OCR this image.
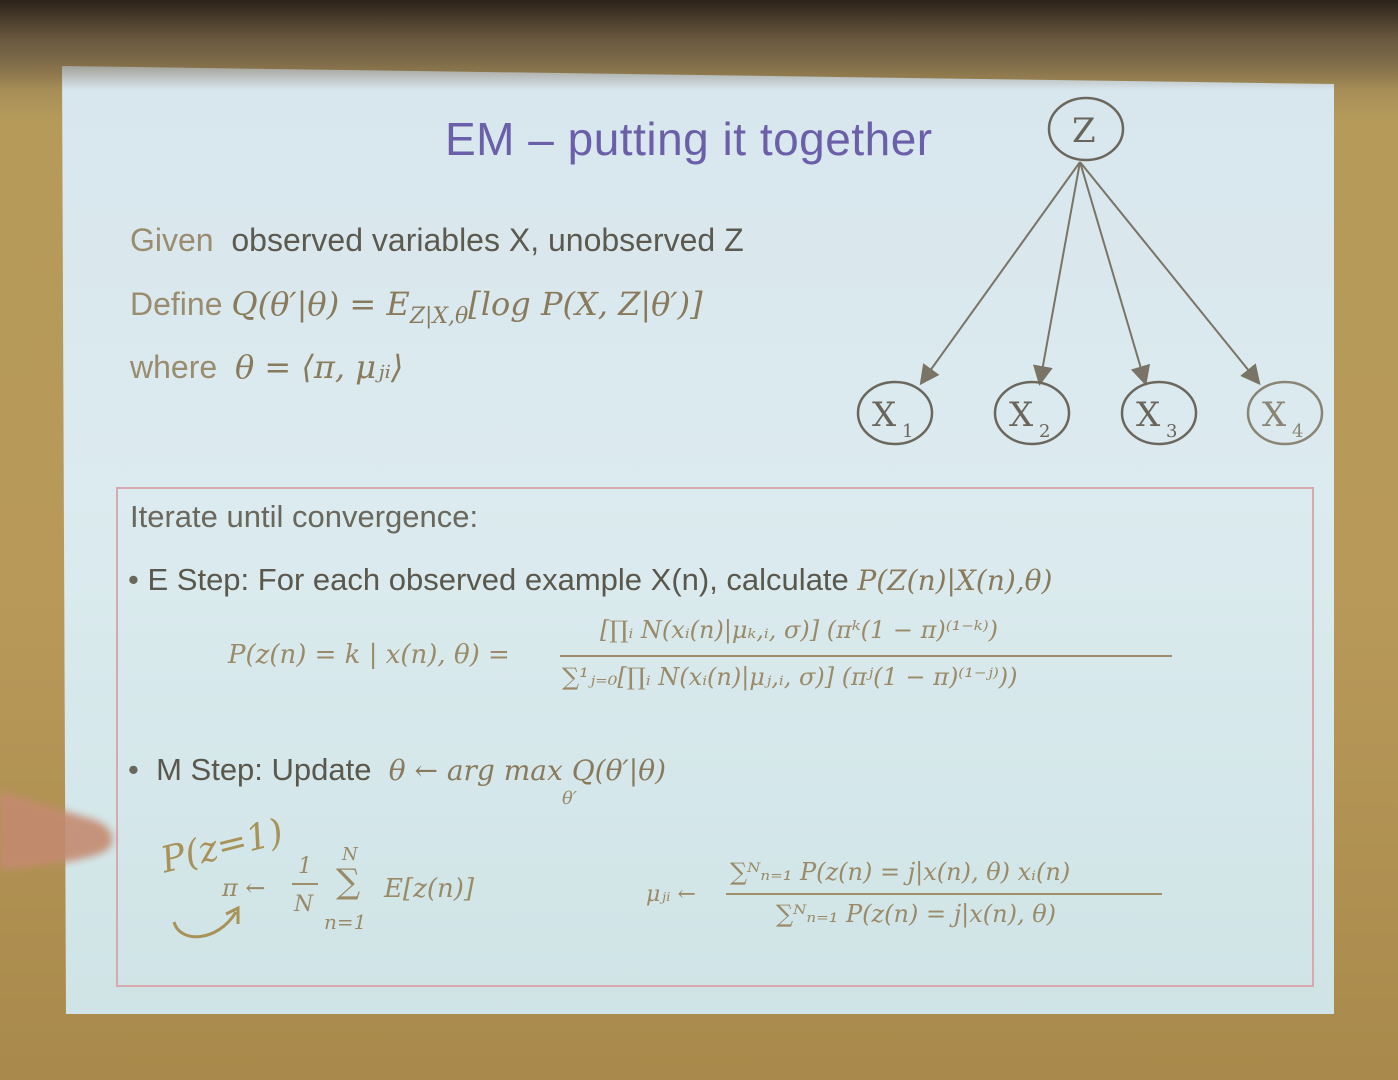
EM – putting it together
Given observed variables X, unobserved Z
Define $Q(\theta'|\theta) = E_{Z|X,\theta}[\log$ P(X, Z|θ′)]
where θ = ⟨π, μⱼᵢ⟩
Z
X 1	X 2	X 3 X 4
Iterate until convergence:
• E Step: For each observed example X(n), calculate P(Z(n)|X(n),θ)
P(z(n) = k | x(n), θ) =
[∏ᵢ N(xᵢ(n)|μₖ,ᵢ, σ)] (πᵏ(1 − π)⁽¹⁻ᵏ⁾)
∑¹ⱼ₌₀[∏ᵢ N(xᵢ(n)|μⱼ,ᵢ, σ)] (πʲ(1 − π)⁽¹⁻ʲ⁾))
• M Step: Update θ ← arg max Q(θ′|θ)
θ′
π ←
1
N
N
∑
n=1
E[z(n)]	μⱼᵢ ←
∑ᴺₙ₌₁ P(z(n) = j|x(n), θ) xᵢ(n)
∑ᴺₙ₌₁ P(z(n) = j|x(n), θ)
P(z=1)
